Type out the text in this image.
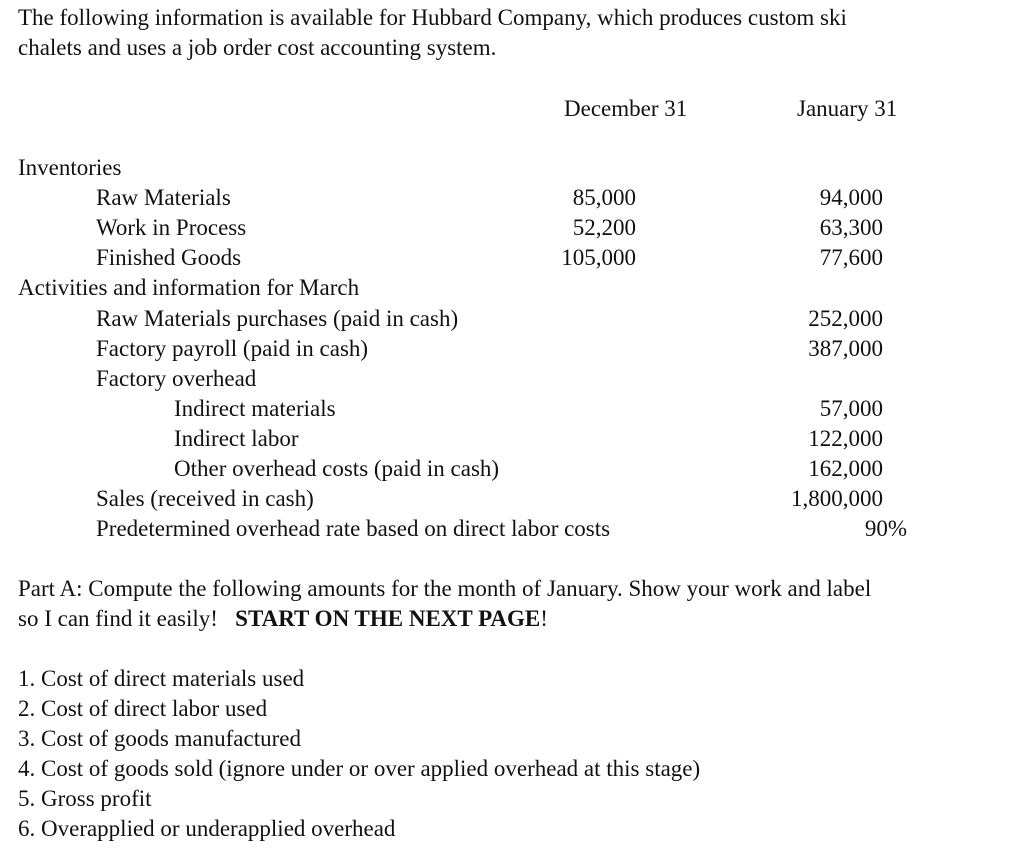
The following information is available for Hubbard Company, which produces custom ski
chalets and uses a job order cost accounting system.
December 31	January 31
Inventories
Raw Materials	85,000	94,000
Work in Process	52,200	63,300
Finished Goods	105,000	77,600
Activities and information for March
Raw Materials purchases (paid in cash)	252,000
Factory payroll (paid in cash)	387,000
Factory overhead
Indirect materials	57,000
Indirect labor	122,000
Other overhead costs (paid in cash)	162,000
Sales (received in cash)	1,800,000
Predetermined overhead rate based on direct labor costs	90%
Part A: Compute the following amounts for the month of January. Show your work and label
so I can find it easily! START ON THE NEXT PAGE!
1. Cost of direct materials used
2. Cost of direct labor used
3. Cost of goods manufactured
4. Cost of goods sold (ignore under or over applied overhead at this stage)
5. Gross profit
6. Overapplied or underapplied overhead
